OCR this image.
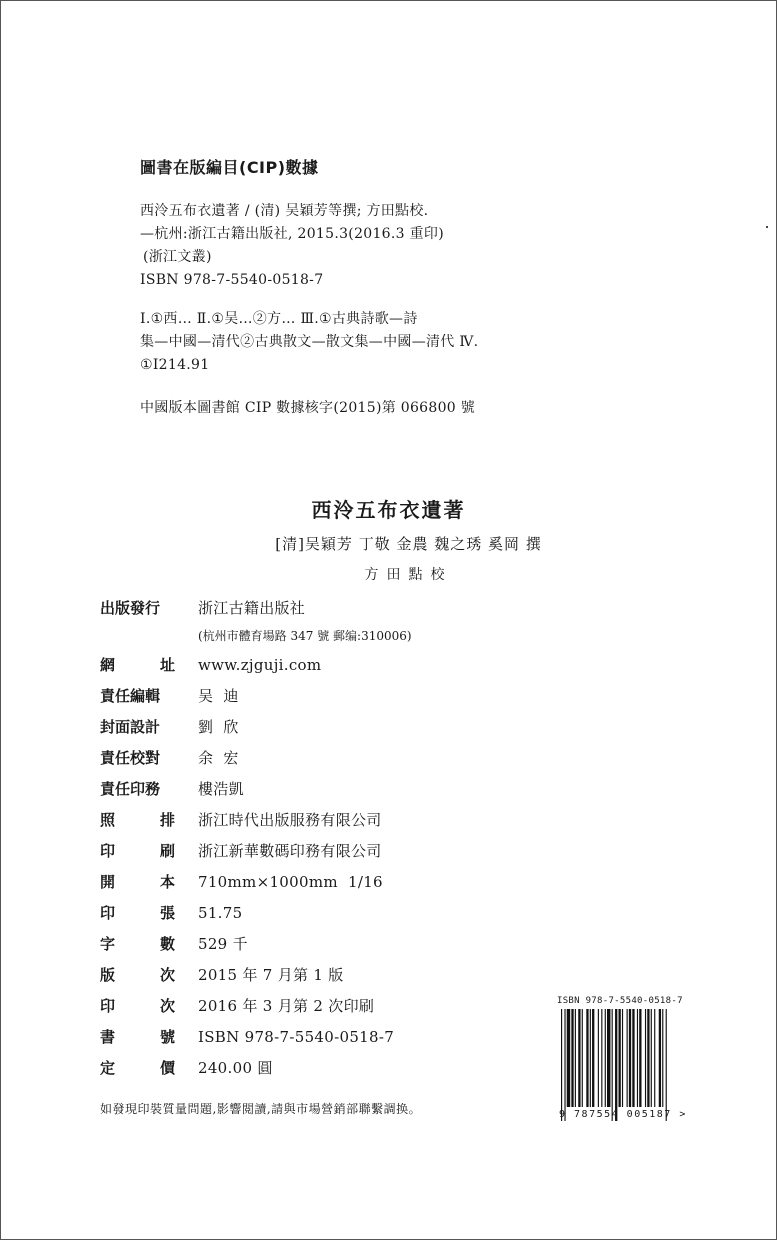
圖書在版編目(CIP)數據
西泠五布衣遺著 / (清) 吴穎芳等撰; 方田點校.
—杭州:浙江古籍出版社, 2015.3(2016.3 重印)
(浙江文叢)
ISBN 978-7-5540-0518-7
Ⅰ.①西… Ⅱ.①吴…②方… Ⅲ.①古典詩歌—詩
集—中國—清代②古典散文—散文集—中國—清代 Ⅳ.
①I214.91
中國版本圖書館 CIP 數據核字(2015)第 066800 號
西泠五布衣遺著
[清]吴穎芳 丁敬 金農 魏之琇 奚岡 撰
方田點校
出版發行	浙江古籍出版社
(杭州市體育場路 347 號 郵编:310006)
網	址 www.zjguji.com
責任編輯	吴  迪
封面設計	劉  欣
責任校對	余  宏
責任印務	樓浩凱
照	排 浙江時代出版服務有限公司
印	刷 浙江新華數碼印務有限公司
開	本 710mm×1000mm  1/16
印	張 51.75
字	數 529 千
版	次 2015 年 7 月第 1 版
印	次 2016 年 3 月第 2 次印刷
書	號 ISBN 978-7-5540-0518-7
定	價 240.00 圓
如發現印裝質量問題,影響閲讀,請與市場營銷部聯繫調换。
ISBN 978-7-5540-0518-7
9 787554 005187 >
